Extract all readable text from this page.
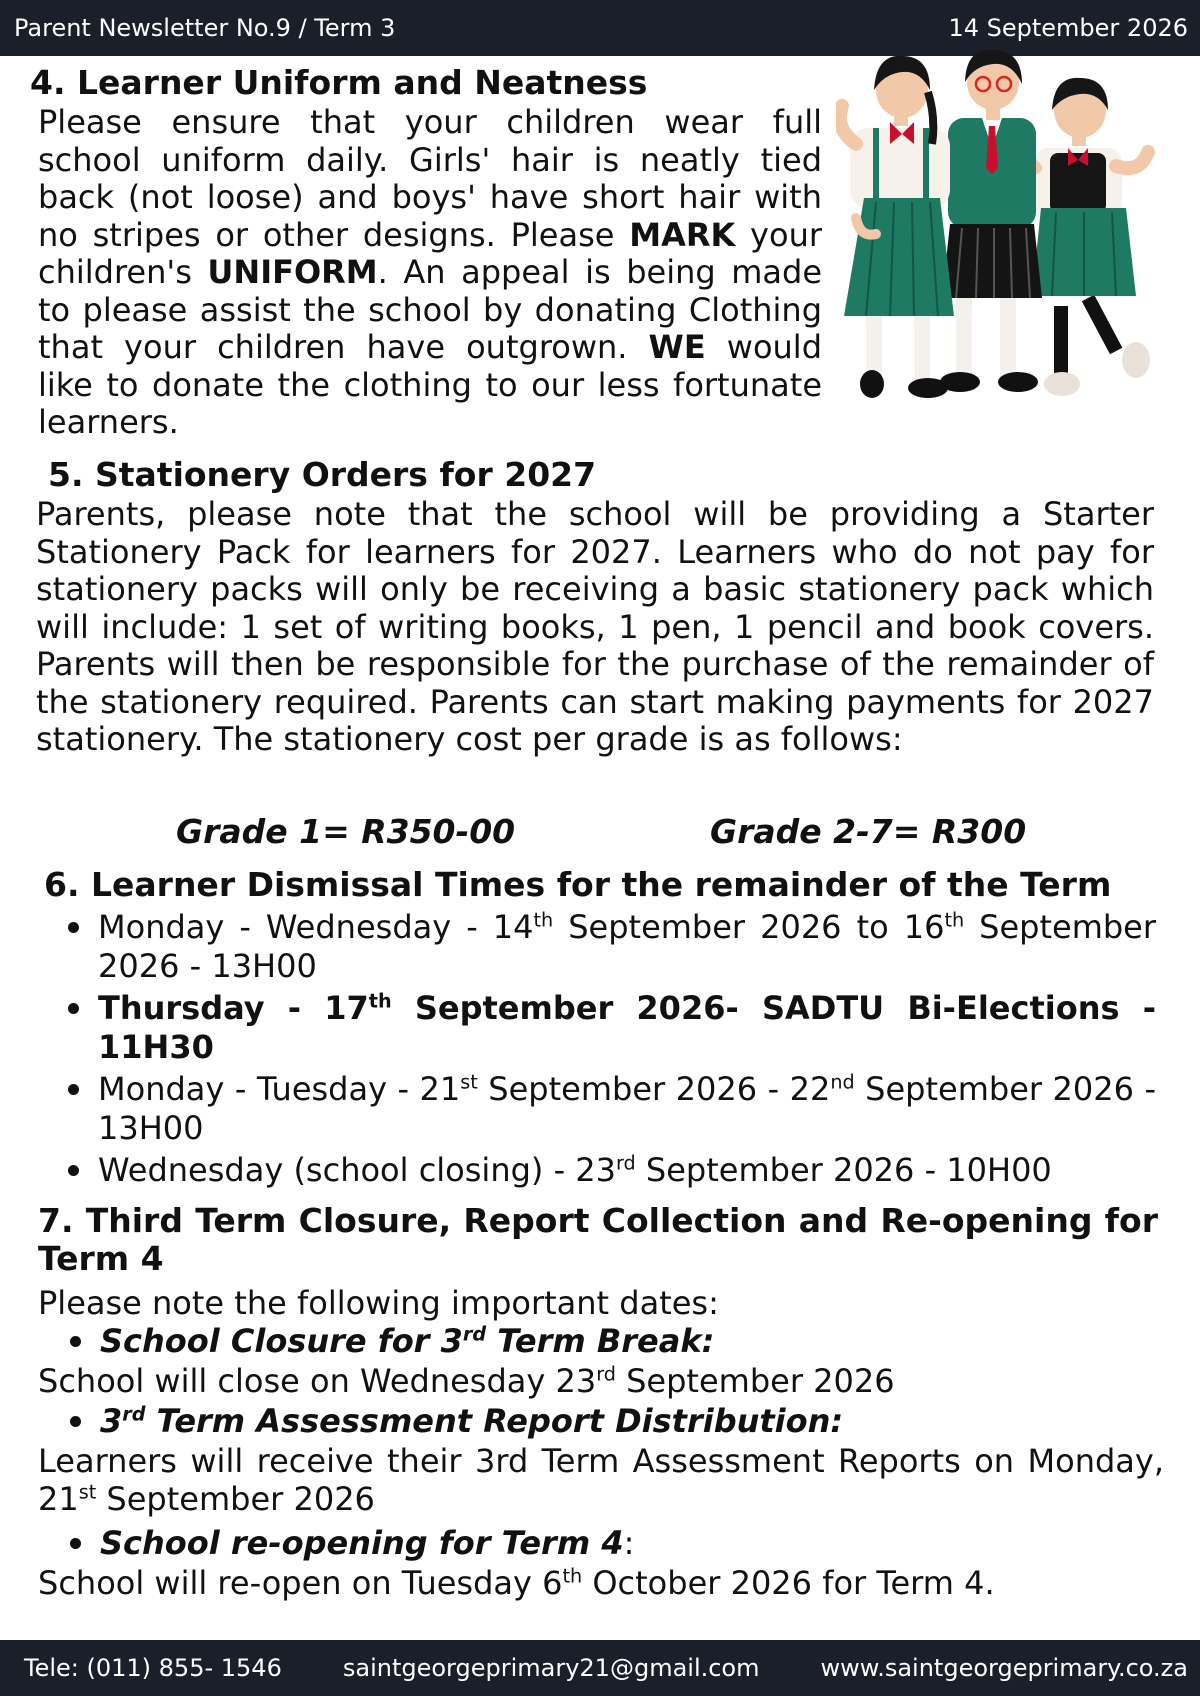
Parent Newsletter No.9 / Term 3	14 September 2026
4. Learner Uniform and Neatness

Please ensure that your children wear full school uniform daily. Girls' hair is neatly tied back (not loose) and boys' have short hair with no stripes or other designs. Please MARK your children's UNIFORM. An appeal is being made to please assist the school by donating Clothing that your children have outgrown. WE would like to donate the clothing to our less fortunate learners.

5. Stationery Orders for 2027

Parents, please note that the school will be providing a Starter Stationery Pack for learners for 2027. Learners who do not pay for stationery packs will only be receiving a basic stationery pack which will include: 1 set of writing books, 1 pen, 1 pencil and book covers. Parents will then be responsible for the purchase of the remainder of the stationery required. Parents can start making payments for 2027 stationery. The stationery cost per grade is as follows:

Grade 1= R350-00	Grade 2-7= R300
6. Learner Dismissal Times for the remainder of the Term
Monday - Wednesday - 14th September 2026 to 16th September 2026 - 13H00
Thursday - 17th September 2026- SADTU Bi-Elections - 11H30
Monday - Tuesday - 21st September 2026 - 22nd September 2026 - 13H00
Wednesday (school closing) - 23rd September 2026 - 10H00
7. Third Term Closure, Report Collection and Re-opening for Term 4
Please note the following important dates:
School Closure for 3rd Term Break:
School will close on Wednesday 23rd September 2026
3rd Term Assessment Report Distribution:
Learners will receive their 3rd Term Assessment Reports on Monday, 21st September 2026
School re-opening for Term 4:
School will re-open on Tuesday 6th October 2026 for Term 4.
Tele: (011) 855- 1546	saintgeorgeprimary21@gmail.com	www.saintgeorgeprimary.co.za
